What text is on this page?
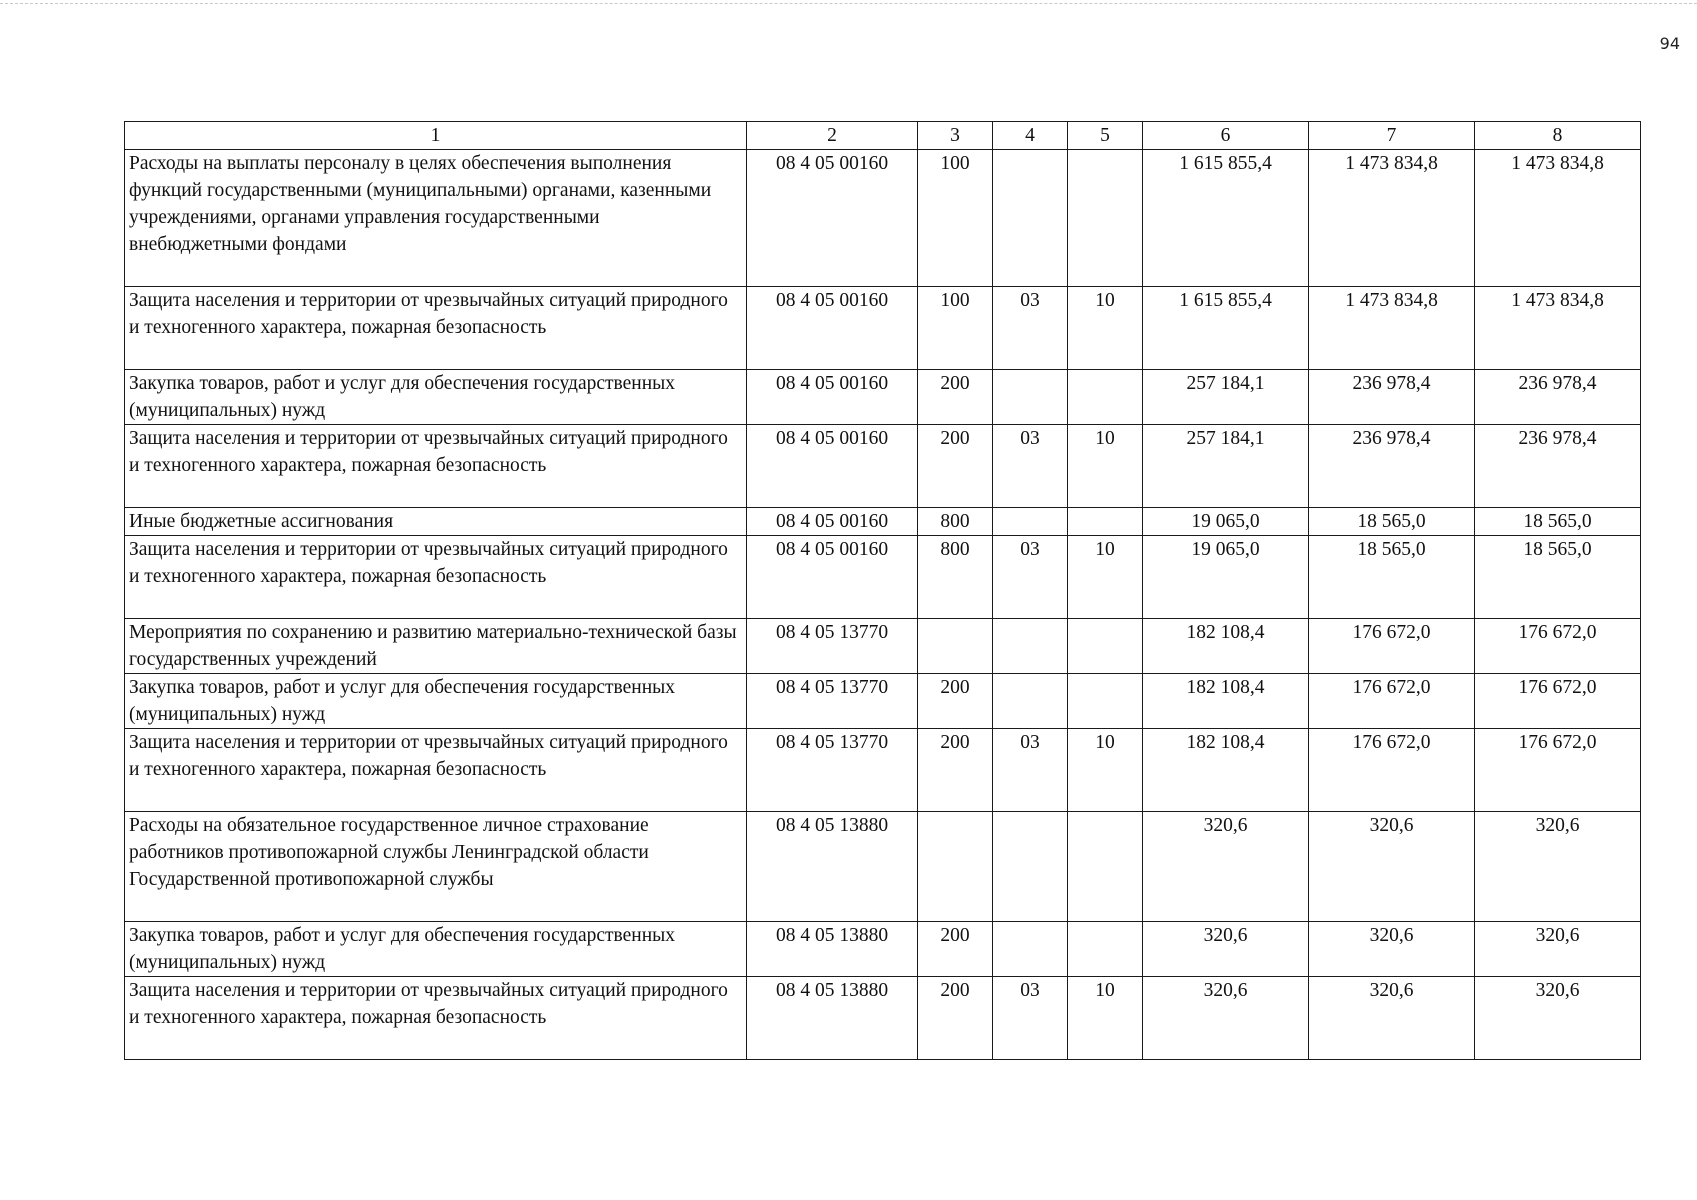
94
1	2	3	4	5	6	7	8
Расходы на выплаты персоналу в целях обеспечения выполнения функций государственными (муниципальными) органами, казенными учреждениями, органами управления государственными внебюджетными фондами	08 4 05 00160	100			1 615 855,4	1 473 834,8	1 473 834,8
Защита населения и территории от чрезвычайных ситуаций природного и техногенного характера, пожарная безопасность	08 4 05 00160	100	03	10	1 615 855,4	1 473 834,8	1 473 834,8
Закупка товаров, работ и услуг для обеспечения государственных (муниципальных) нужд	08 4 05 00160	200			257 184,1	236 978,4	236 978,4
Защита населения и территории от чрезвычайных ситуаций природного и техногенного характера, пожарная безопасность	08 4 05 00160	200	03	10	257 184,1	236 978,4	236 978,4
Иные бюджетные ассигнования	08 4 05 00160	800			19 065,0	18 565,0	18 565,0
Защита населения и территории от чрезвычайных ситуаций природного и техногенного характера, пожарная безопасность	08 4 05 00160	800	03	10	19 065,0	18 565,0	18 565,0
Мероприятия по сохранению и развитию материально-технической базы государственных учреждений	08 4 05 13770				182 108,4	176 672,0	176 672,0
Закупка товаров, работ и услуг для обеспечения государственных (муниципальных) нужд	08 4 05 13770	200			182 108,4	176 672,0	176 672,0
Защита населения и территории от чрезвычайных ситуаций природного и техногенного характера, пожарная безопасность	08 4 05 13770	200	03	10	182 108,4	176 672,0	176 672,0
Расходы на обязательное государственное личное страхование работников противопожарной службы Ленинградской области Государственной противопожарной службы	08 4 05 13880				320,6	320,6	320,6
Закупка товаров, работ и услуг для обеспечения государственных (муниципальных) нужд	08 4 05 13880	200			320,6	320,6	320,6
Защита населения и территории от чрезвычайных ситуаций природного и техногенного характера, пожарная безопасность	08 4 05 13880	200	03	10	320,6	320,6	320,6
